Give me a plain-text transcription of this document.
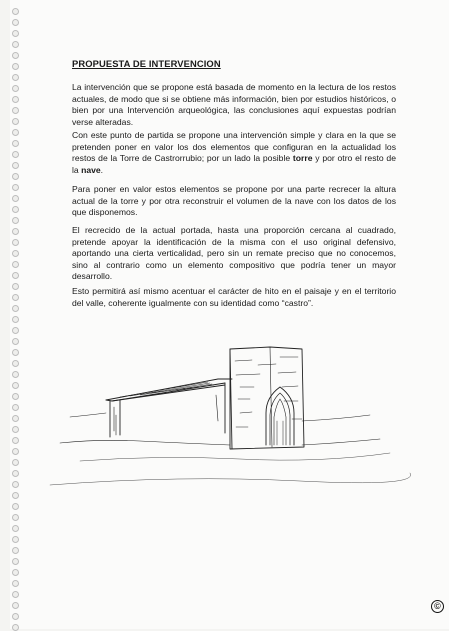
PROPUESTA DE INTERVENCION

La intervención que se propone está basada de momento en la lectura de los restos actuales, de modo que si se obtiene más información, bien por estudios históricos, o bien por una Intervención arqueológica, las conclusiones aquí expuestas podrían verse alteradas.

Con este punto de partida se propone una intervención simple y clara en la que se pretenden poner en valor los dos elementos que configuran en la actualidad los restos de la Torre de Castrorrubio; por un lado la posible torre y por otro el resto de la nave.

Para poner en valor estos elementos se propone por una parte recrecer la altura actual de la torre y por otra reconstruir el volumen de la nave con los datos de los que disponemos.

El recrecido de la actual portada, hasta una proporción cercana al cuadrado, pretende apoyar la identificación de la misma con el uso original defensivo, aportando una cierta verticalidad, pero sin un remate preciso que no conocemos, sino al contrario como un elemento compositivo que podría tener un mayor desarrollo.

Esto permitirá así mismo acentuar el carácter de hito en el paisaje y en el territorio del valle, coherente igualmente con su identidad como “castro”.

©
